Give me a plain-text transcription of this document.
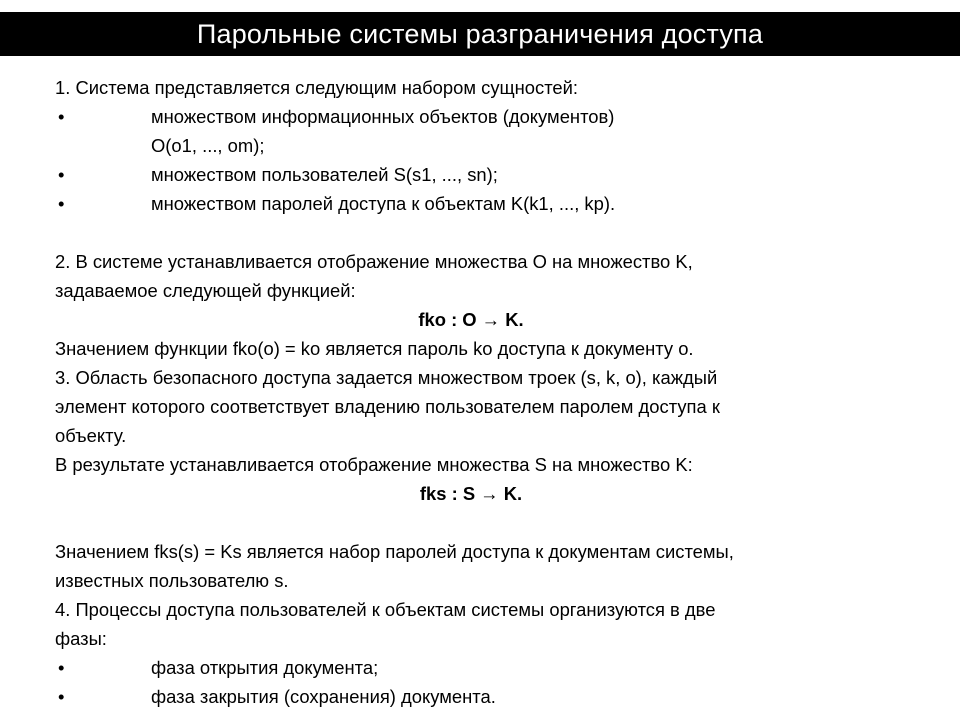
Парольные системы разграничения доступа
1. Система представляется следующим набором сущностей:
•	множеством информационных объектов (документов)
O(o1, ..., om);
•	множеством пользователей S(s1, ..., sn);
•	множеством паролей доступа к объектам K(k1, ..., kp).
2. В системе устанавливается отображение множества O на множество K,
задаваемое следующей функцией:
fko : O → K.
Значением функции fko(o) = ko является пароль ko доступа к документу o.
3. Область безопасного доступа задается множеством троек (s, k, o), каждый
элемент которого соответствует владению пользователем паролем доступа к
объекту.
В результате устанавливается отображение множества S на множество K:
fks : S → K.
Значением fks(s) = Ks является набор паролей доступа к документам системы,
известных пользователю s.
4. Процессы доступа пользователей к объектам системы организуются в две
фазы:
•	фаза открытия документа;
•	фаза закрытия (сохранения) документа.
